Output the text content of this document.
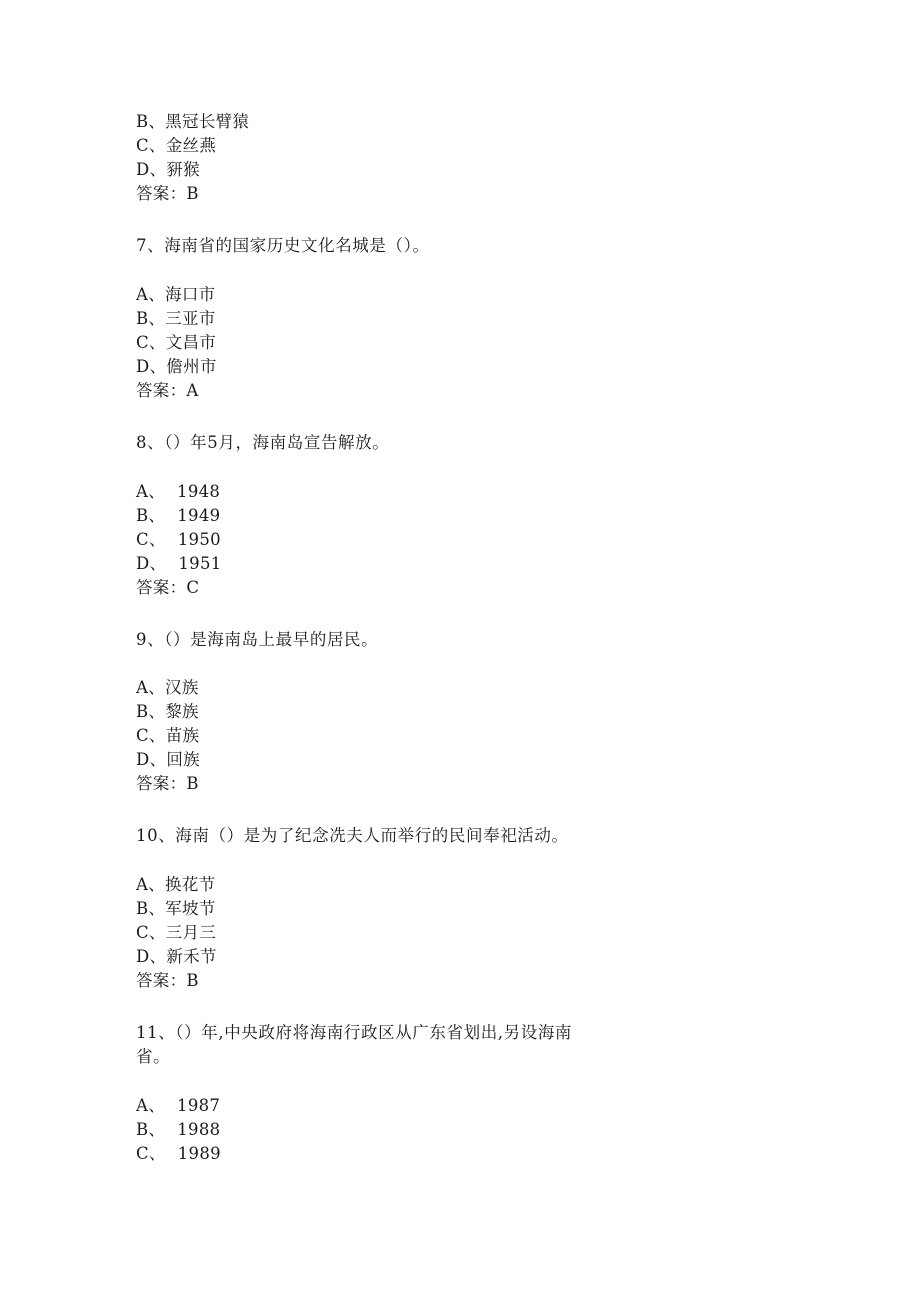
B、黑冠长臂猿
C、金丝燕
D、豜猴
答案：B
7、海南省的国家历史文化名城是（）。
A、海口市
B、三亚市
C、文昌市
D、儋州市
答案：A
8、（）年5月，海南岛宣告解放。
A、 1948
B、 1949
C、 1950
D、 1951
答案：C
9、（）是海南岛上最早的居民。
A、汉族
B、黎族
C、苗族
D、回族
答案：B
10、海南（）是为了纪念冼夫人而举行的民间奉祀活动。
A、换花节
B、军坡节
C、三月三
D、新禾节
答案：B
11、（）年,中央政府将海南行政区从广东省划出,另设海南
省。
A、 1987
B、 1988
C、 1989
